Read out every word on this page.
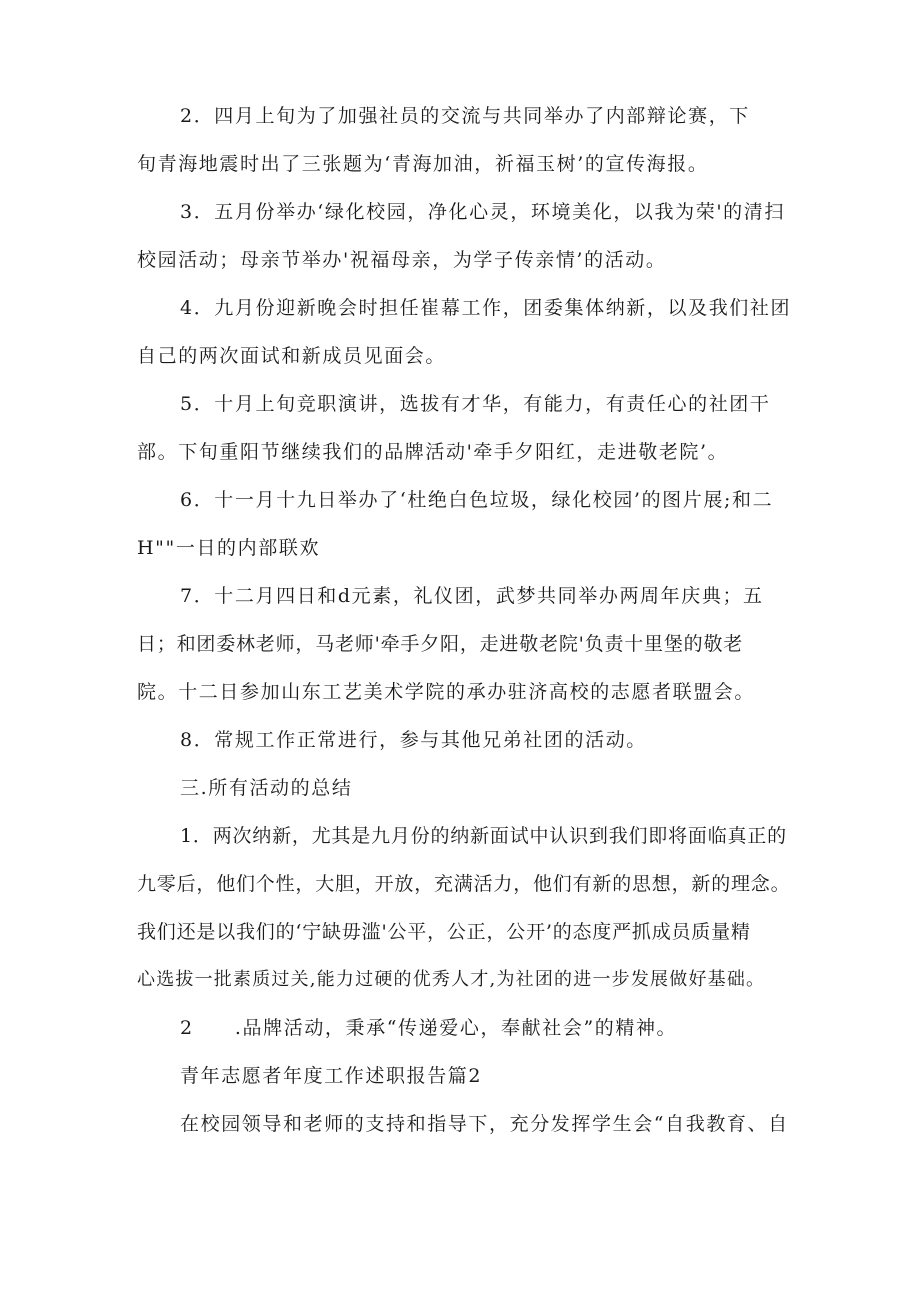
2．四月上旬为了加强社员的交流与共同举办了内部辩论赛，下
旬青海地震时出了三张题为‘青海加油，祈福玉树’的宣传海报。
3．五月份举办‘绿化校园，净化心灵，环境美化，以我为荣'的清扫
校园活动；母亲节举办'祝福母亲，为学子传亲情’的活动。
4．九月份迎新晚会时担任崔幕工作，团委集体纳新，以及我们社团
自己的两次面试和新成员见面会。
5．十月上旬竞职演讲，选拔有才华，有能力，有责任心的社团干
部。下旬重阳节继续我们的品牌活动'牵手夕阳红，走进敬老院’。
6．十一月十九日举办了‘杜绝白色垃圾，绿化校园’的图片展;和二
H""一日的内部联欢
7．十二月四日和d元素，礼仪团，武梦共同举办两周年庆典；五
日；和团委林老师，马老师'牵手夕阳，走进敬老院'负责十里堡的敬老
院。十二日参加山东工艺美术学院的承办驻济高校的志愿者联盟会。
8．常规工作正常进行，参与其他兄弟社团的活动。
三.所有活动的总结
1．两次纳新，尤其是九月份的纳新面试中认识到我们即将面临真正的
九零后，他们个性，大胆，开放，充满活力，他们有新的思想，新的理念。
我们还是以我们的‘宁缺毋滥'公平，公正，公开’的态度严抓成员质量精
心选拔一批素质过关,能力过硬的优秀人才,为社团的进一步发展做好基础。
2　　.品牌活动，秉承“传递爱心，奉献社会”的精神。
青年志愿者年度工作述职报告篇2
在校园领导和老师的支持和指导下，充分发挥学生会“自我教育、自
